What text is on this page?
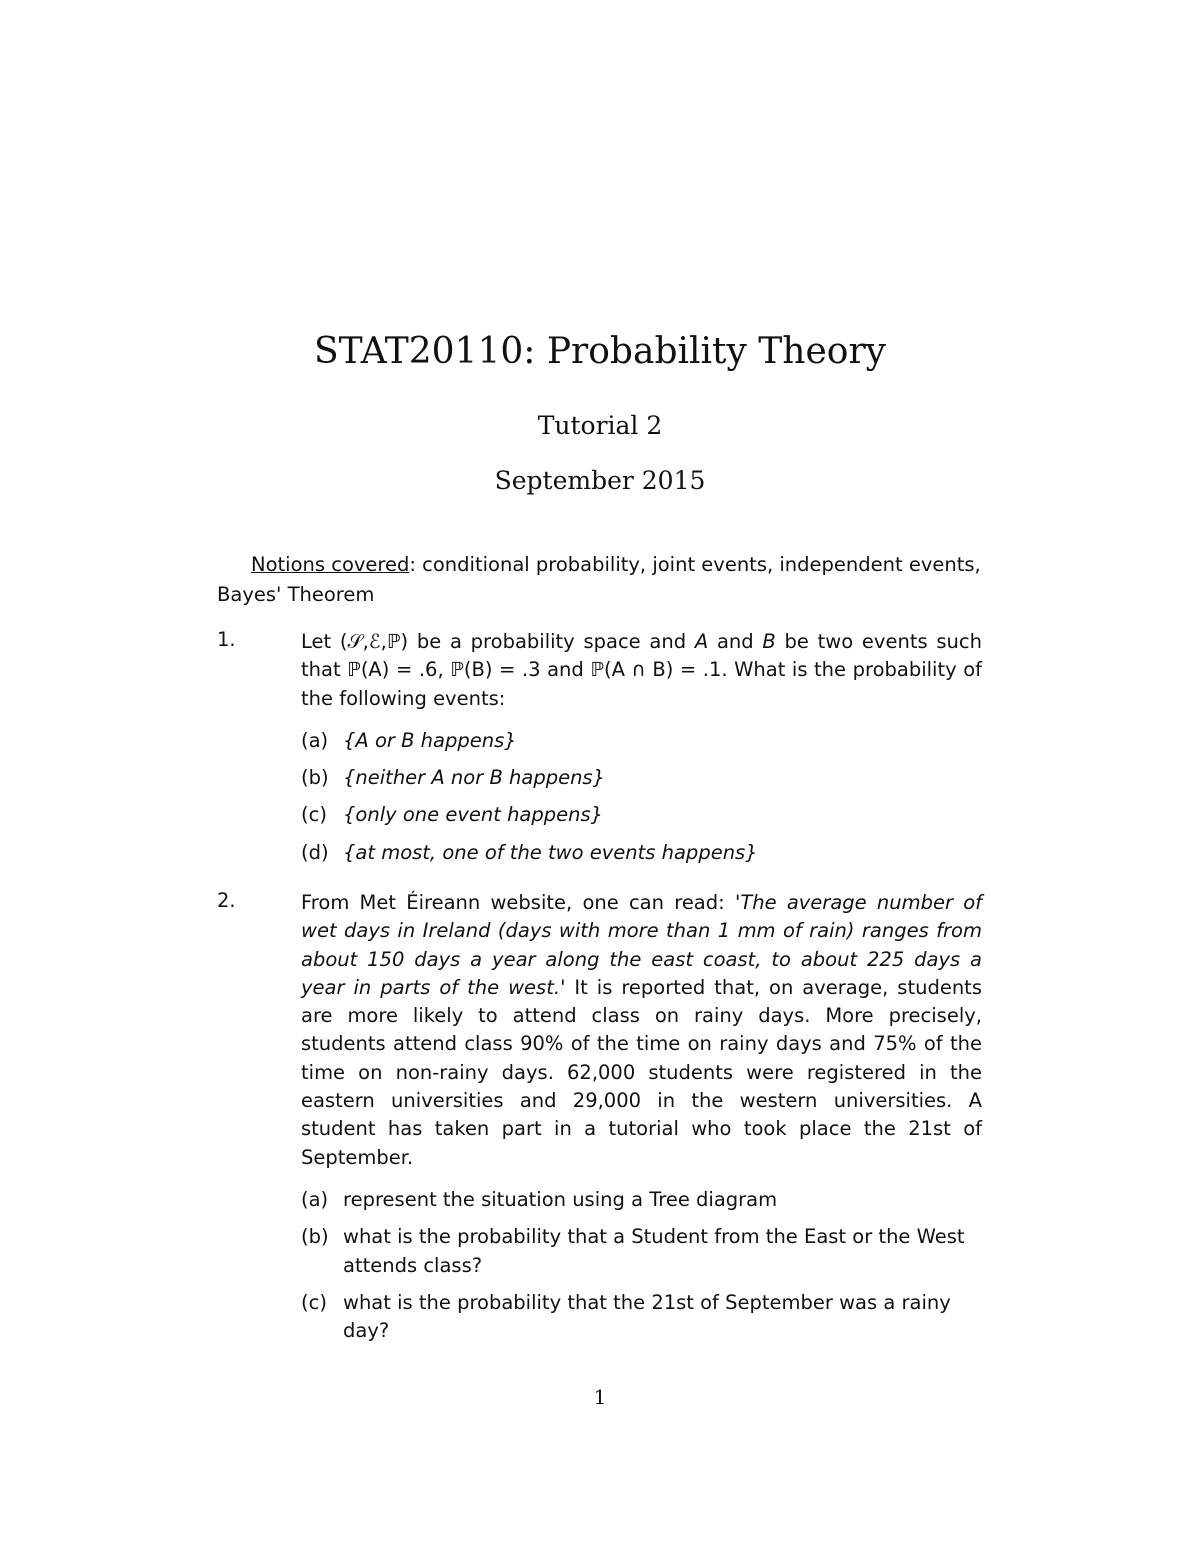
STAT20110: Probability Theory
Tutorial 2
September 2015
Notions covered: conditional probability, joint events, independent events, Bayes' Theorem
1.	Let (𝒮,ℰ,ℙ) be a probability space and A and B be two events such that ℙ(A) = .6, ℙ(B) = .3 and ℙ(A ∩ B) = .1. What is the probability of the following events:
(a) {A or B happens}
(b) {neither A nor B happens}
(c) {only one event happens}
(d) {at most, one of the two events happens}
2.	From Met Éireann website, one can read: 'The average number of wet days in Ireland (days with more than 1 mm of rain) ranges from about 150 days a year along the east coast, to about 225 days a year in parts of the west.' It is reported that, on average, students are more likely to attend class on rainy days. More precisely, students attend class 90% of the time on rainy days and 75% of the time on non-rainy days. 62,000 students were registered in the eastern universities and 29,000 in the western universities. A student has taken part in a tutorial who took place the 21st of September.
(a) represent the situation using a Tree diagram
(b) what is the probability that a Student from the East or the West attends class?
(c) what is the probability that the 21st of September was a rainy day?
1
